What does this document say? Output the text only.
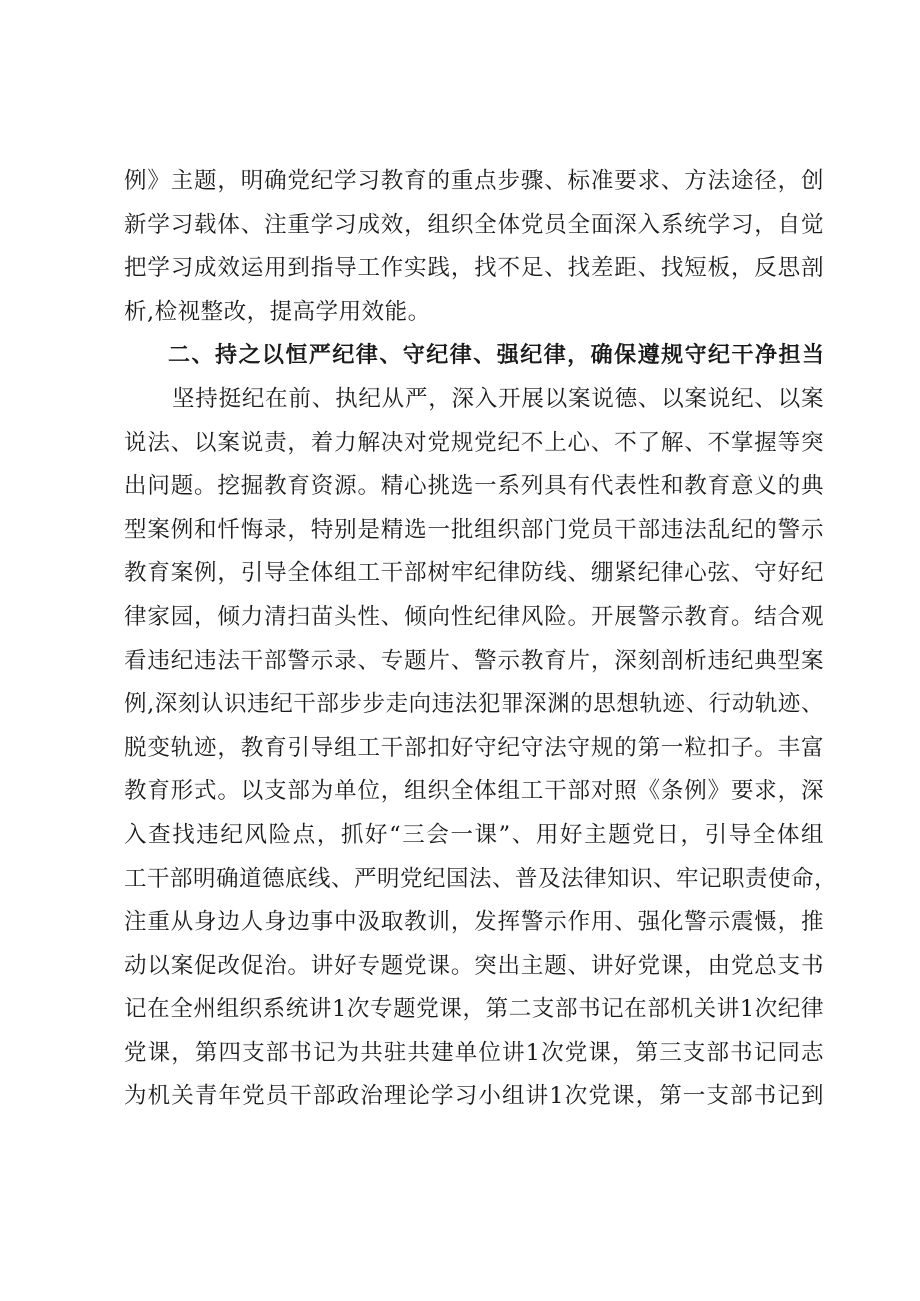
例》主题，明确党纪学习教育的重点步骤、标准要求、方法途径，创
新学习载体、注重学习成效，组织全体党员全面深入系统学习，自觉
把学习成效运用到指导工作实践，找不足、找差距、找短板，反思剖
析,检视整改，提高学用效能。
二、持之以恒严纪律、守纪律、强纪律，确保遵规守纪干净担当
坚持挺纪在前、执纪从严，深入开展以案说德、以案说纪、以案
说法、以案说责，着力解决对党规党纪不上心、不了解、不掌握等突
出问题。挖掘教育资源。精心挑选一系列具有代表性和教育意义的典
型案例和忏悔录，特别是精选一批组织部门党员干部违法乱纪的警示
教育案例，引导全体组工干部树牢纪律防线、绷紧纪律心弦、守好纪
律家园，倾力清扫苗头性、倾向性纪律风险。开展警示教育。结合观
看违纪违法干部警示录、专题片、警示教育片，深刻剖析违纪典型案
例,深刻认识违纪干部步步走向违法犯罪深渊的思想轨迹、行动轨迹、
脱变轨迹，教育引导组工干部扣好守纪守法守规的第一粒扣子。丰富
教育形式。以支部为单位，组织全体组工干部对照《条例》要求，深
入查找违纪风险点，抓好“三会一课”、用好主题党日，引导全体组
工干部明确道德底线、严明党纪国法、普及法律知识、牢记职责使命，
注重从身边人身边事中汲取教训，发挥警示作用、强化警示震慑，推
动以案促改促治。讲好专题党课。突出主题、讲好党课，由党总支书
记在全州组织系统讲1次专题党课，第二支部书记在部机关讲1次纪律
党课，第四支部书记为共驻共建单位讲1次党课，第三支部书记同志
为机关青年党员干部政治理论学习小组讲1次党课，第一支部书记到
